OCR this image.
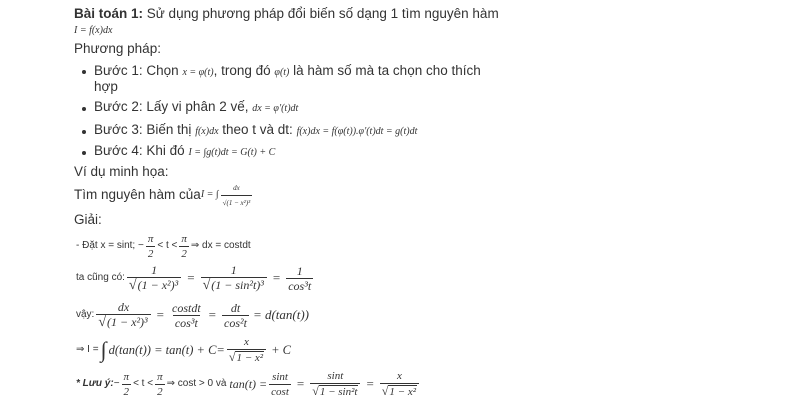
Bài toán 1: Sử dụng phương pháp đổi biến số dạng 1 tìm nguyên hàm
I = f(x)dx
Phương pháp:
Bước 1: Chọn x = φ(t), trong đó φ(t) là hàm số mà ta chọn cho thích
hợp
Bước 2: Lấy vi phân 2 vế, dx = φ'(t)dt
Bước 3: Biến thị f(x)dx theo t và dt: f(x)dx = f(φ(t)).φ'(t)dt = g(t)dt
Bước 4: Khi đó I = ∫g(t)dt = G(t) + C
Ví dụ minh họa:
Tìm nguyên hàm của I = ∫ $\frac{dx}{\text{√(1 − x²)³}}$
Giải:
- Đặt x = sint; − $\frac{\pi}{2} < t < \frac{\pi}{2}$ ⇒ dx = costdt
ta cũng có: $\frac{1}{\text{√(1 − x²)³}} = \frac{1}{\text{√(1 − sin²t)³}} = \frac{1}{\text{cos³t}}$
vậy: $\frac{dx}{\text{√(1 − x²)³}} = \frac{\text{costdt}}{\text{cos³t}} = \frac{dt}{\text{cos²t}} = d(\tan(t))$
⇒ I = ∫ $d(\tan(t)) = \tan(t) + C= \frac{x}{\text{√1 − x²}} + C$
* Lưu ý: − $\frac{\pi}{2} < t < \frac{\pi}{2}$ ⇒ cost > 0 và $\tan(t) = \frac{\sin t}{\cos t} = \frac{\sin t}{\text{√1 − sin²t}} = \frac{x}{\text{√1 − x²}}$
